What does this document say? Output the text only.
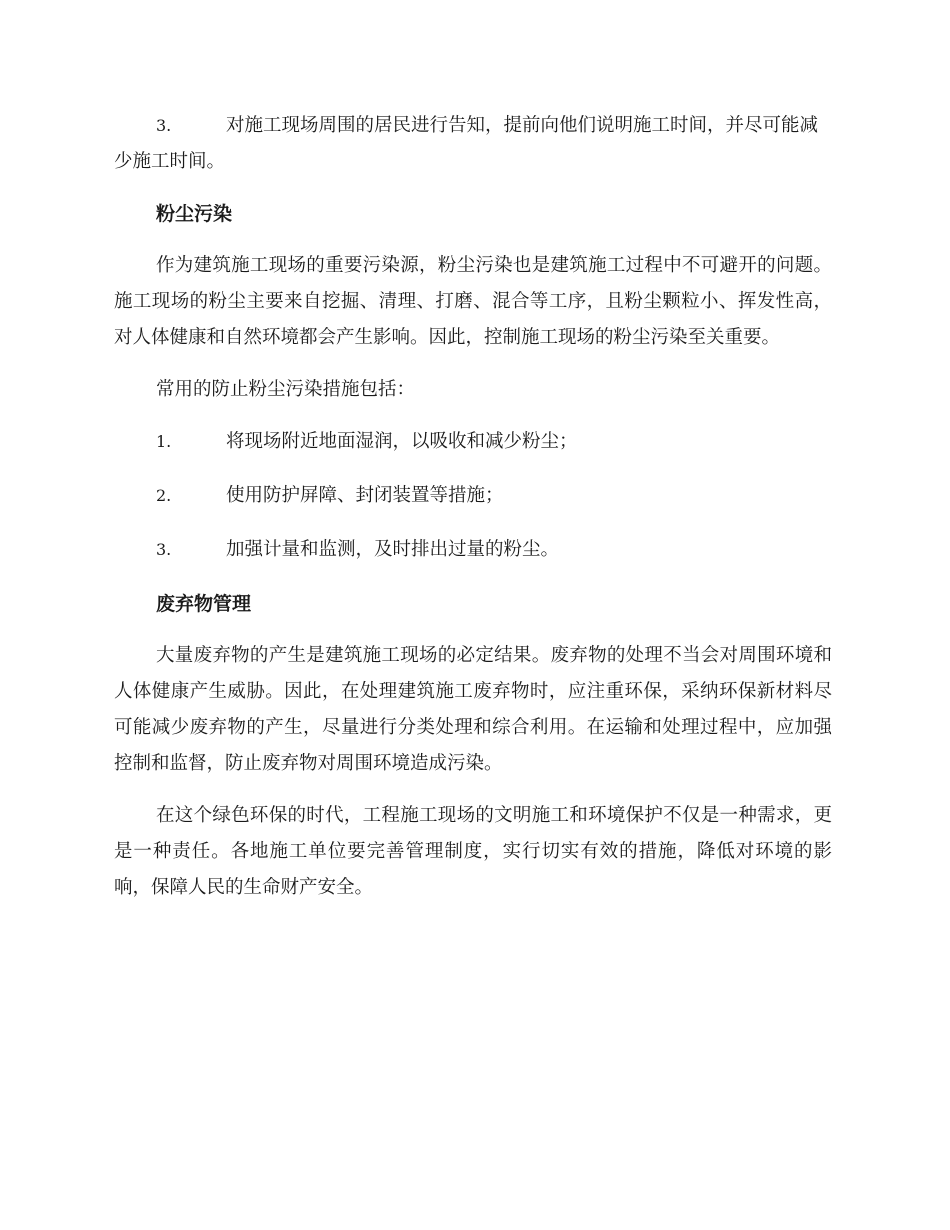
3.	对施工现场周围的居民进行告知，提前向他们说明施工时间，并尽可能减少施工时间。
粉尘污染
作为建筑施工现场的重要污染源，粉尘污染也是建筑施工过程中不可避开的问题。施工现场的粉尘主要来自挖掘、清理、打磨、混合等工序，且粉尘颗粒小、挥发性高，对人体健康和自然环境都会产生影响。因此，控制施工现场的粉尘污染至关重要。
常用的防止粉尘污染措施包括：
1.	将现场附近地面湿润，以吸收和减少粉尘；
2.	使用防护屏障、封闭装置等措施；
3.	加强计量和监测，及时排出过量的粉尘。
废弃物管理
大量废弃物的产生是建筑施工现场的必定结果。废弃物的处理不当会对周围环境和人体健康产生威胁。因此，在处理建筑施工废弃物时，应注重环保，采纳环保新材料尽可能减少废弃物的产生，尽量进行分类处理和综合利用。在运输和处理过程中，应加强控制和监督，防止废弃物对周围环境造成污染。
在这个绿色环保的时代，工程施工现场的文明施工和环境保护不仅是一种需求，更是一种责任。各地施工单位要完善管理制度，实行切实有效的措施，降低对环境的影响，保障人民的生命财产安全。
